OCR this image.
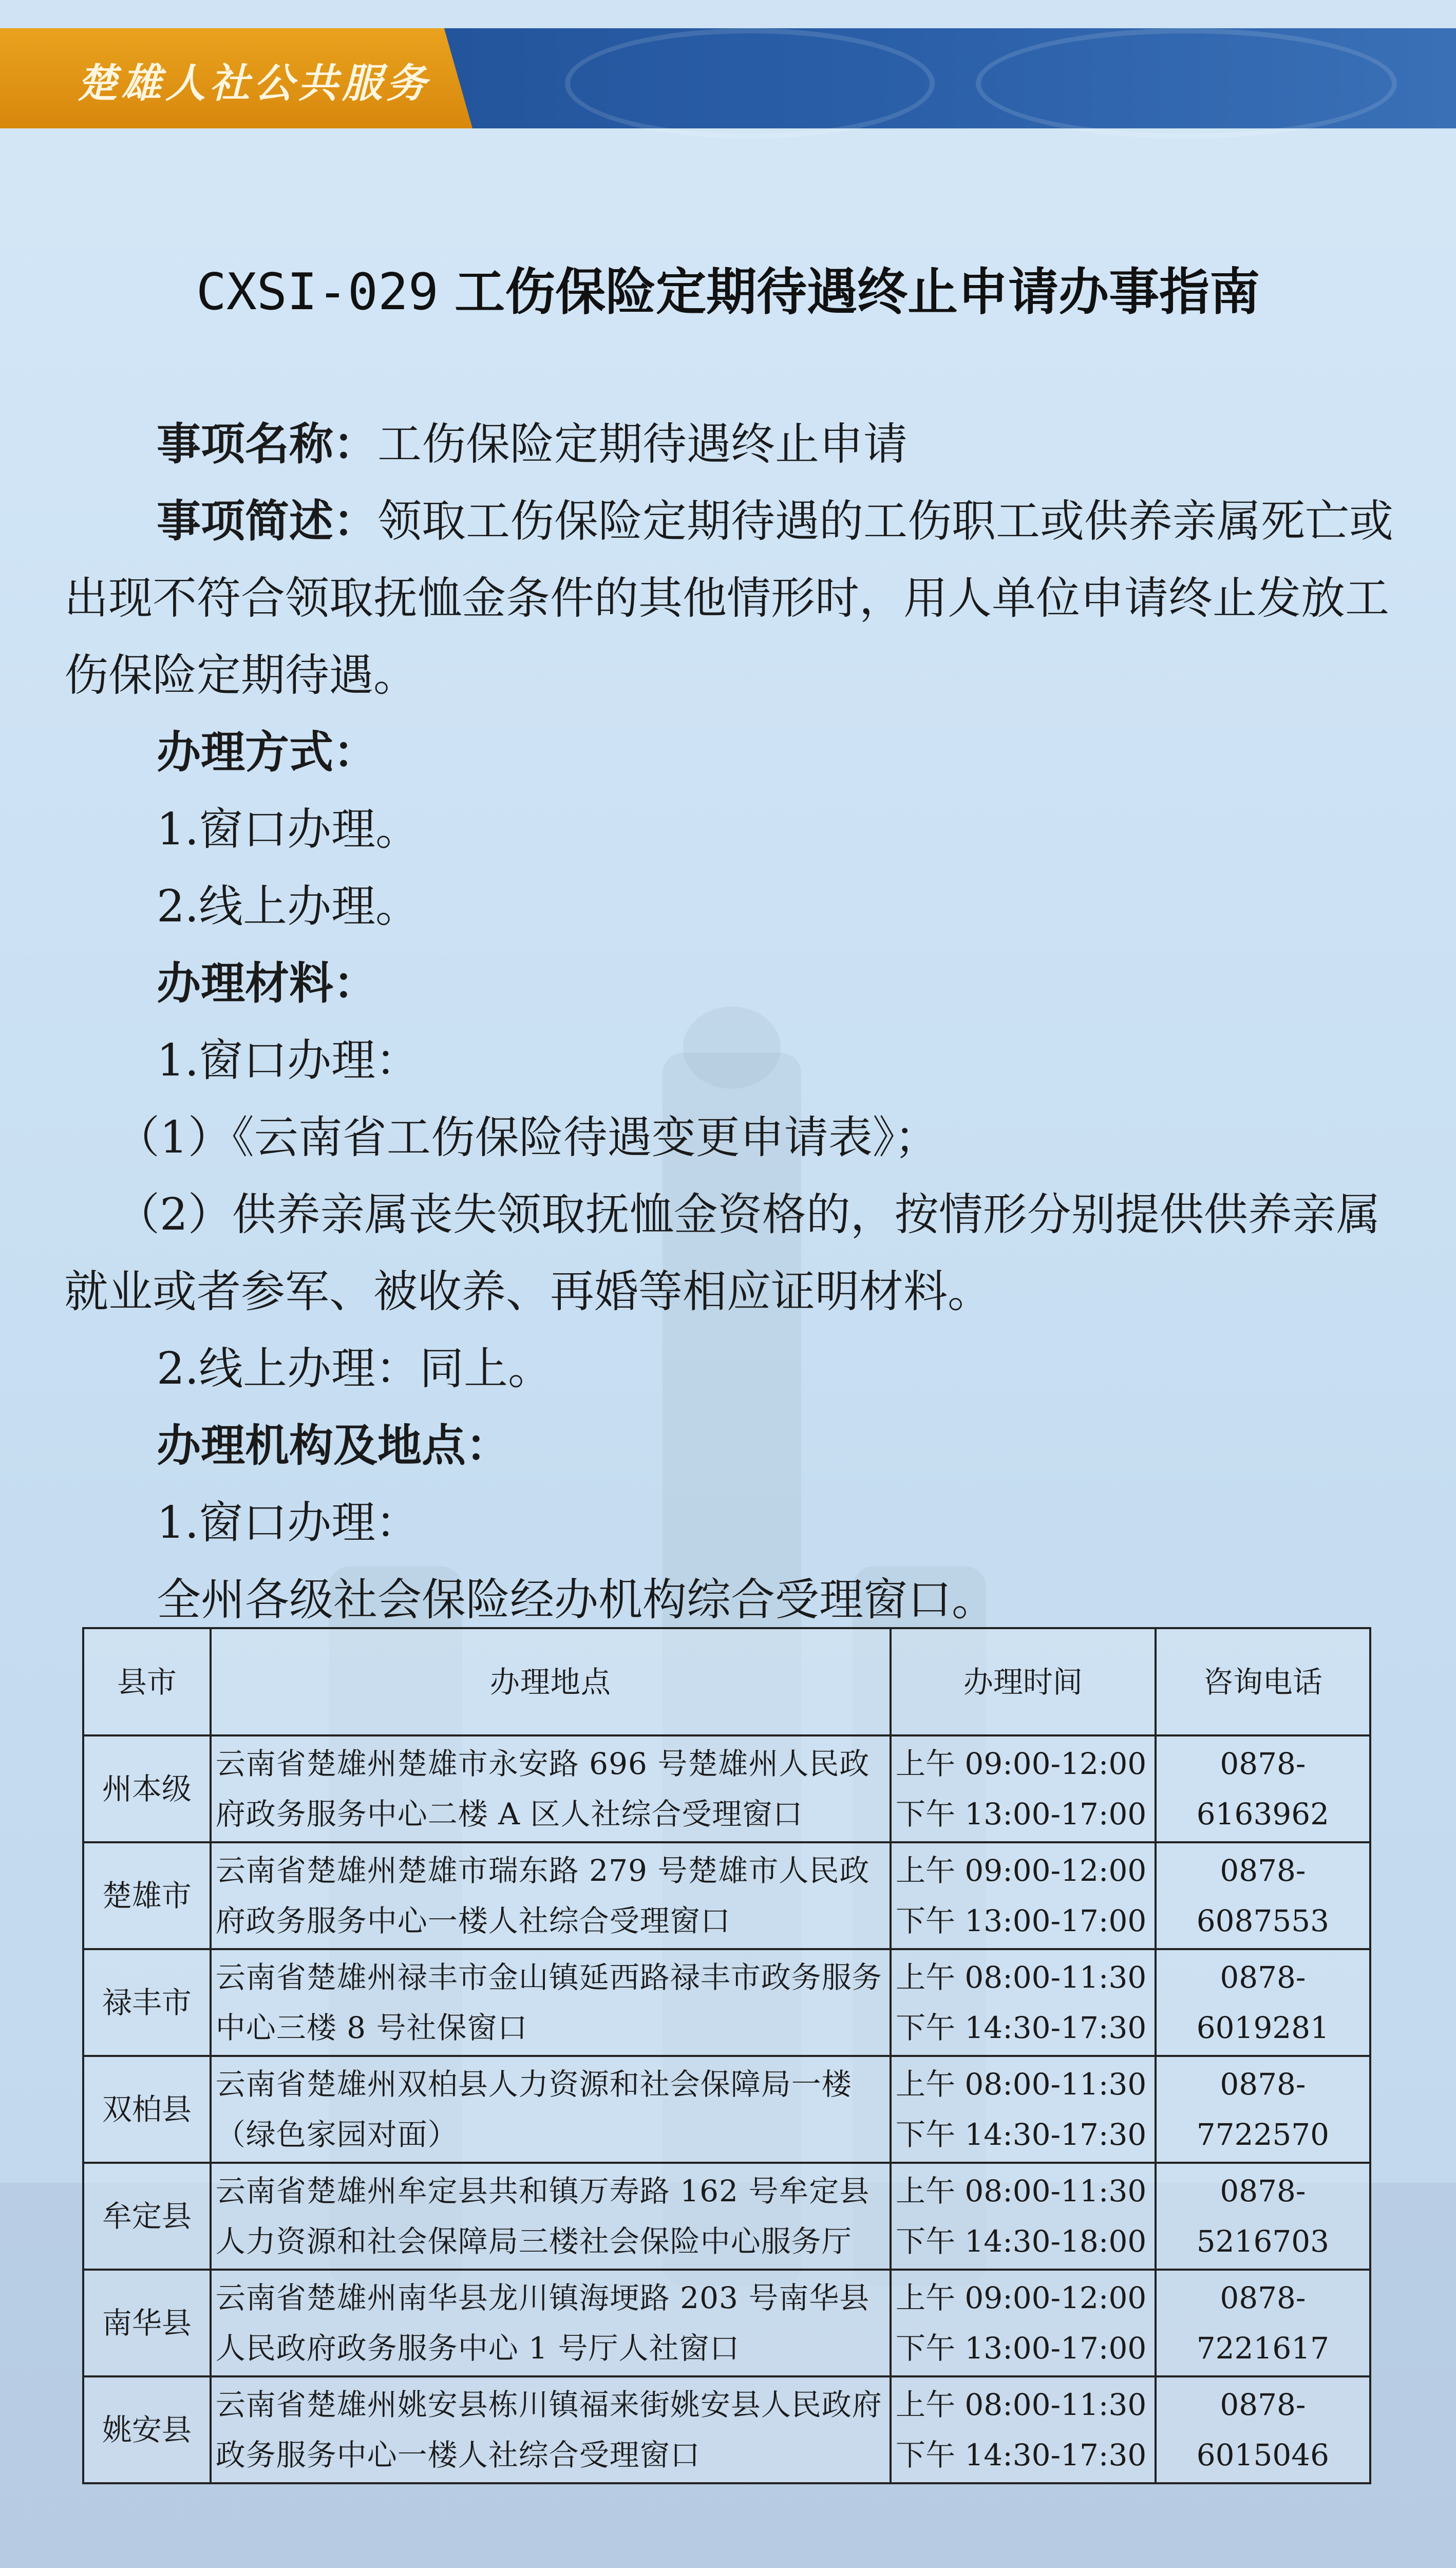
楚雄人社公共服务
CXSI-029 工伤保险定期待遇终止申请办事指南

事项名称：工伤保险定期待遇终止申请

事项简述：领取工伤保险定期待遇的工伤职工或供养亲属死亡或出现不符合领取抚恤金条件的其他情形时，用人单位申请终止发放工伤保险定期待遇。

办理方式：

1.窗口办理。

2.线上办理。

办理材料：

1.窗口办理：

（1）《云南省工伤保险待遇变更申请表》；

（2）供养亲属丧失领取抚恤金资格的，按情形分别提供供养亲属就业或者参军、被收养、再婚等相应证明材料。

2.线上办理：同上。

办理机构及地点：

1.窗口办理：

全州各级社会保险经办机构综合受理窗口。

县市	办理地点	办理时间	咨询电话
州本级	云南省楚雄州楚雄市永安路 696 号楚雄州人民政府政务服务中心二楼 A 区人社综合受理窗口	上午 09:00-12:00
下午 13:00-17:00	0878-6163962
楚雄市	云南省楚雄州楚雄市瑞东路 279 号楚雄市人民政府政务服务中心一楼人社综合受理窗口	上午 09:00-12:00
下午 13:00-17:00	0878-6087553
禄丰市	云南省楚雄州禄丰市金山镇延西路禄丰市政务服务中心三楼 8 号社保窗口	上午 08:00-11:30
下午 14:30-17:30	0878-6019281
双柏县	云南省楚雄州双柏县人力资源和社会保障局一楼（绿色家园对面）	上午 08:00-11:30
下午 14:30-17:30	0878-7722570
牟定县	云南省楚雄州牟定县共和镇万寿路 162 号牟定县人力资源和社会保障局三楼社会保险中心服务厅	上午 08:00-11:30
下午 14:30-18:00	0878-5216703
南华县	云南省楚雄州南华县龙川镇海埂路 203 号南华县人民政府政务服务中心 1 号厅人社窗口	上午 09:00-12:00
下午 13:00-17:00	0878-7221617
姚安县	云南省楚雄州姚安县栋川镇福来街姚安县人民政府政务服务中心一楼人社综合受理窗口	上午 08:00-11:30
下午 14:30-17:30	0878-6015046
